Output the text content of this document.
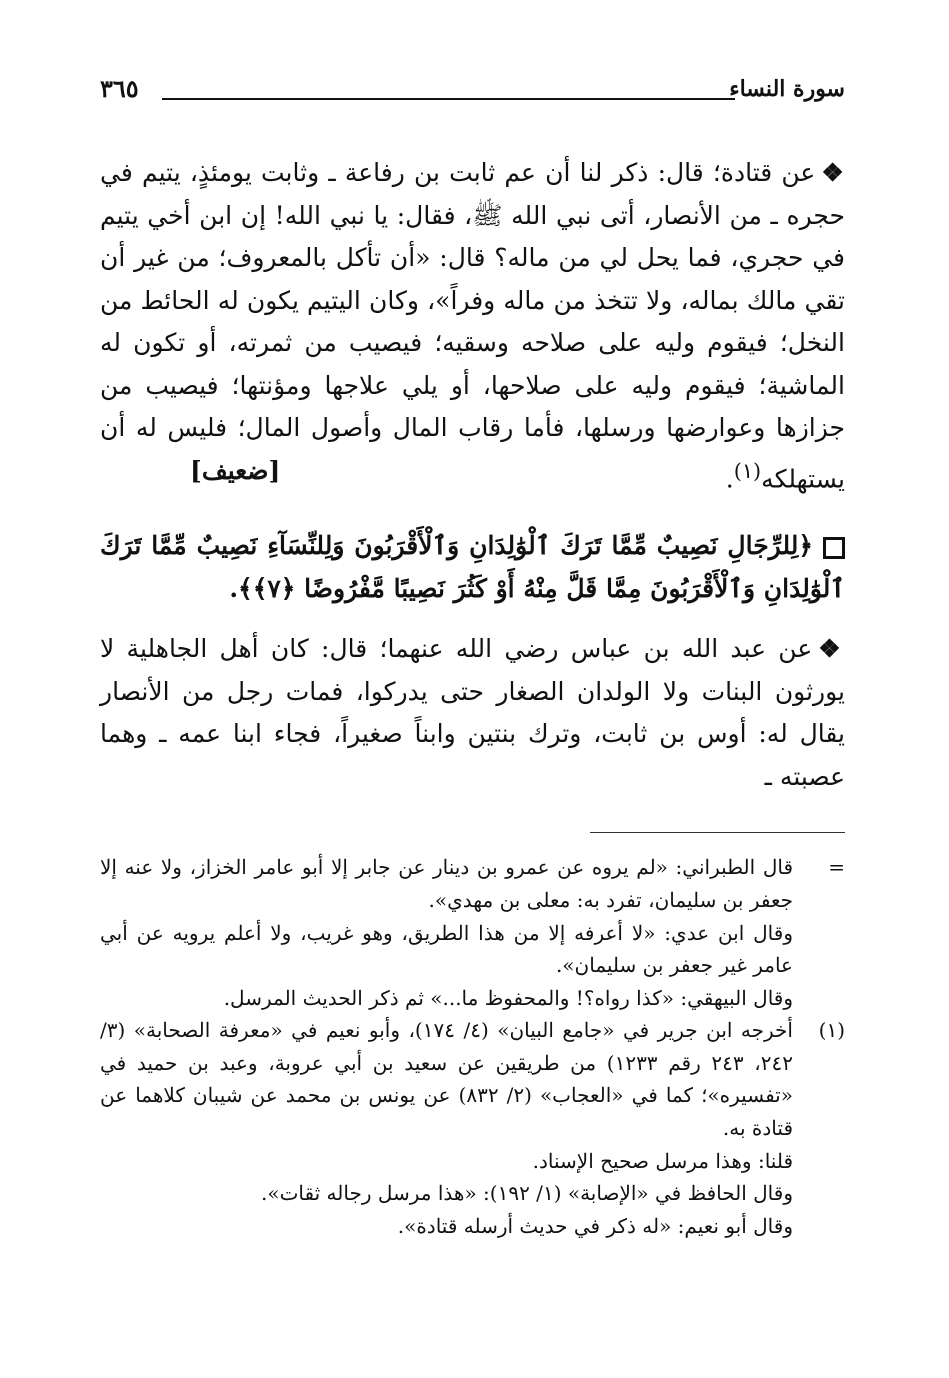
سورة النساء
٣٦٥

❖عن قتادة؛ قال: ذكر لنا أن عم ثابت بن رفاعة ـ وثابت يومئذٍ، يتيم في حجره ـ من الأنصار، أتى نبي الله ﷺ، فقال: يا نبي الله! إن ابن أخي يتيم في حجري، فما يحل لي من ماله؟ قال: «أن تأكل بالمعروف؛ من غير أن تقي مالك بماله، ولا تتخذ من ماله وفراً»، وكان اليتيم يكون له الحائط من النخل؛ فيقوم وليه على صلاحه وسقيه؛ فيصيب من ثمرته، أو تكون له الماشية؛ فيقوم وليه على صلاحها، أو يلي علاجها ومؤنتها؛ فيصيب من جزازها وعوارضها ورسلها، فأما رقاب المال وأصول المال؛ فليس له أن يستهلكه$^{(١)}$.
[ضعيف]

﴿لِلرِّجَالِ نَصِيبٌ مِّمَّا تَرَكَ ٱلْوَٰلِدَانِ وَٱلْأَقْرَبُونَ وَلِلنِّسَآءِ نَصِيبٌ مِّمَّا تَرَكَ ٱلْوَٰلِدَانِ وَٱلْأَقْرَبُونَ مِمَّا قَلَّ مِنْهُ أَوْ كَثُرَ نَصِيبًا مَّفْرُوضًا ﴿٧﴾﴾.

❖عن عبد الله بن عباس رضي الله عنهما؛ قال: كان أهل الجاهلية لا يورثون البنات ولا الولدان الصغار حتى يدركوا، فمات رجل من الأنصار يقال له: أوس بن ثابت، وترك بنتين وابناً صغيراً، فجاء ابنا عمه ـ وهما عصبته ـ

=
قال الطبراني: «لم يروه عن عمرو بن دينار عن جابر إلا أبو عامر الخزاز، ولا عنه إلا جعفر بن سليمان، تفرد به: معلى بن مهدي».
وقال ابن عدي: «لا أعرفه إلا من هذا الطريق، وهو غريب، ولا أعلم يرويه عن أبي عامر غير جعفر بن سليمان».
وقال البيهقي: «كذا رواه؟! والمحفوظ ما...» ثم ذكر الحديث المرسل.
(١)
أخرجه ابن جرير في «جامع البيان» (٤/ ١٧٤)، وأبو نعيم في «معرفة الصحابة» (٣/ ٢٤٢، ٢٤٣ رقم ١٢٣٣) من طريقين عن سعيد بن أبي عروبة، وعبد بن حميد في «تفسيره»؛ كما في «العجاب» (٢/ ٨٣٢) عن يونس بن محمد عن شيبان كلاهما عن قتادة به.
قلنا: وهذا مرسل صحيح الإسناد.
وقال الحافظ في «الإصابة» (١/ ١٩٢): «هذا مرسل رجاله ثقات».
وقال أبو نعيم: «له ذكر في حديث أرسله قتادة».
